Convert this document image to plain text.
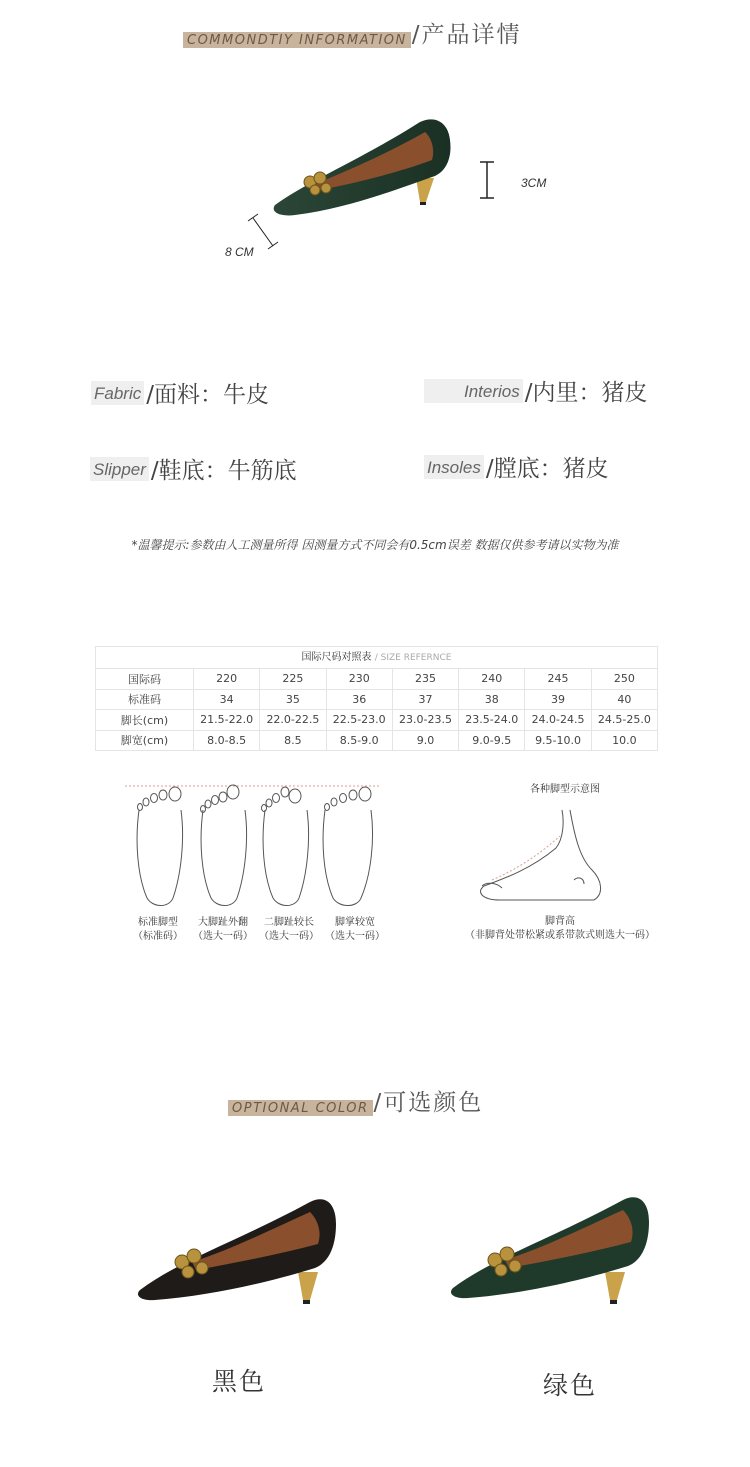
COMMONDTIY INFORMATION /产品详情
3CM
8 CM
Fabric /面料：牛皮	Interios /内里：猪皮
Slipper /鞋底：牛筋底	Insoles /膛底：猪皮
*温馨提示:参数由人工测量所得 因测量方式不同会有0.5cm误差 数据仅供参考请以实物为准
国际尺码对照表 / SIZE REFERNCE
国际码	220	225	230	235	240	245	250
标准码	34	35	36	37	38	39	40
脚长(cm)	21.5-22.0	22.0-22.5	22.5-23.0	23.0-23.5	23.5-24.0	24.0-24.5	24.5-25.0
脚宽(cm)	8.0-8.5	8.5	8.5-9.0	9.0	9.0-9.5	9.5-10.0	10.0
标准脚型
（标准码）
大脚趾外翻
（选大一码）
二脚趾较长
（选大一码）
脚掌较宽
（选大一码）
各种脚型示意图
脚背高
（非脚背处带松紧或系带款式则选大一码）
OPTIONAL COLOR /可选颜色
黑色	绿色
